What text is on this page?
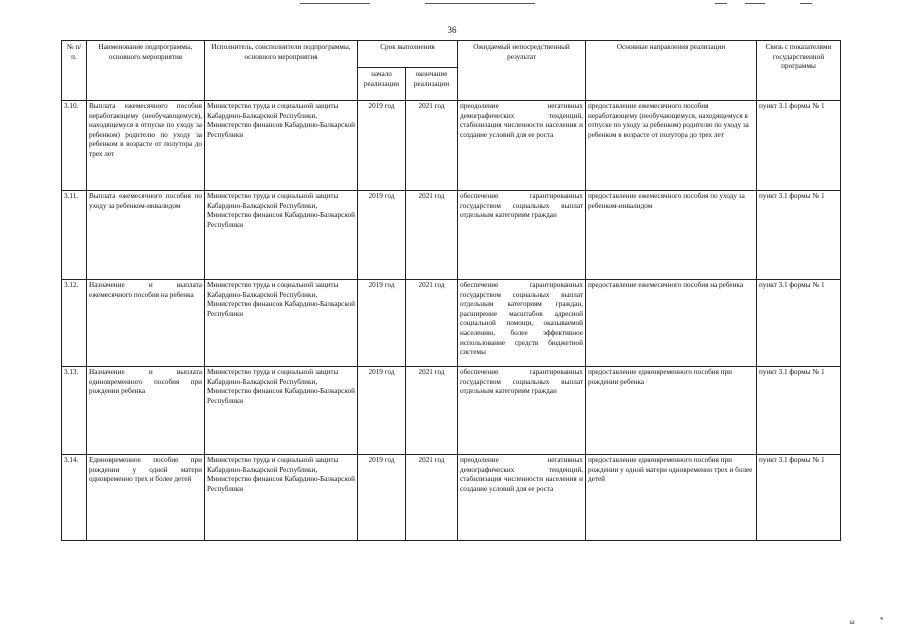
36
№ п/п.	Наименование подпрограммы, основного мероприятия	Исполнитель, соисполнители подпрограммы, основного мероприятия	Срок выполнения		Ожидаемый непосредственный результат	Основные направления реализации	Связь с показателями государственной программы
			начало реализации	окончание реализации			
3.10.	Выплата ежемесячного пособия неработающему (необучающемуся), находящемуся в отпуске по уходу за ребенком) родителю по уходу за ребенком в возрасте от полутора до трех лет	Министерство труда и социальной защиты Кабардино-Балкарской Республики, Министерство финансов Кабардино-Балкарской Республики	2019 год	2021 год	преодоление негативных демографических тенденций, стабилизация численности населения и создание условий для ее роста	предоставление ежемесячного пособия неработающему (необучающемуся, находящемуся в отпуске по уходу за ребенком) родителю по уходу за ребенком в возрасте от полутора до трех лет	пункт 3.1 формы № 1
3.11.	Выплата ежемесячного пособия по уходу за ребенком-инвалидом	Министерство труда и социальной защиты Кабардино-Балкарской Республики, Министерство финансов Кабардино-Балкарской Республики	2019 год	2021 год	обеспечение гарантированных государством социальных выплат отдельным категориям граждан	предоставление ежемесячного пособия по уходу за ребенком-инвалидом	пункт 3.1 формы № 1
3.12.	Назначение и выплата ежемесячного пособия на ребенка	Министерство труда и социальной защиты Кабардино-Балкарской Республики, Министерство финансов Кабардино-Балкарской Республики	2019 год	2021 год	обеспечение гарантированных государством социальных выплат отдельным категориям граждан, расширение масштабов адресной социальной помощи, оказываемой населению, более эффективное использование средств бюджетной системы	предоставление ежемесячного пособия на ребенка	пункт 3.1 формы № 1
3.13.	Назначение и выплата единовременного пособия при рождении ребенка	Министерство труда и социальной защиты Кабардино-Балкарской Республики, Министерство финансов Кабардино-Балкарской Республики	2019 год	2021 год	обеспечение гарантированных государством социальных выплат отдельным категориям граждан	предоставление единовременного пособия при рождении ребенка	пункт 3.1 формы № 1
3.14.	Единовременное пособие при рождении у одной матери одновременно трех и более детей	Министерство труда и социальной защиты Кабардино-Балкарской Республики, Министерство финансов Кабардино-Балкарской Республики	2019 год	2021 год	преодоление негативных демографических тенденций, стабилизация численности населения и создание условий для ее роста	предоставление единовременного пособия при рождении у одной матери одновременно трех и более детей	пункт 3.1 формы № 1
ы	*
